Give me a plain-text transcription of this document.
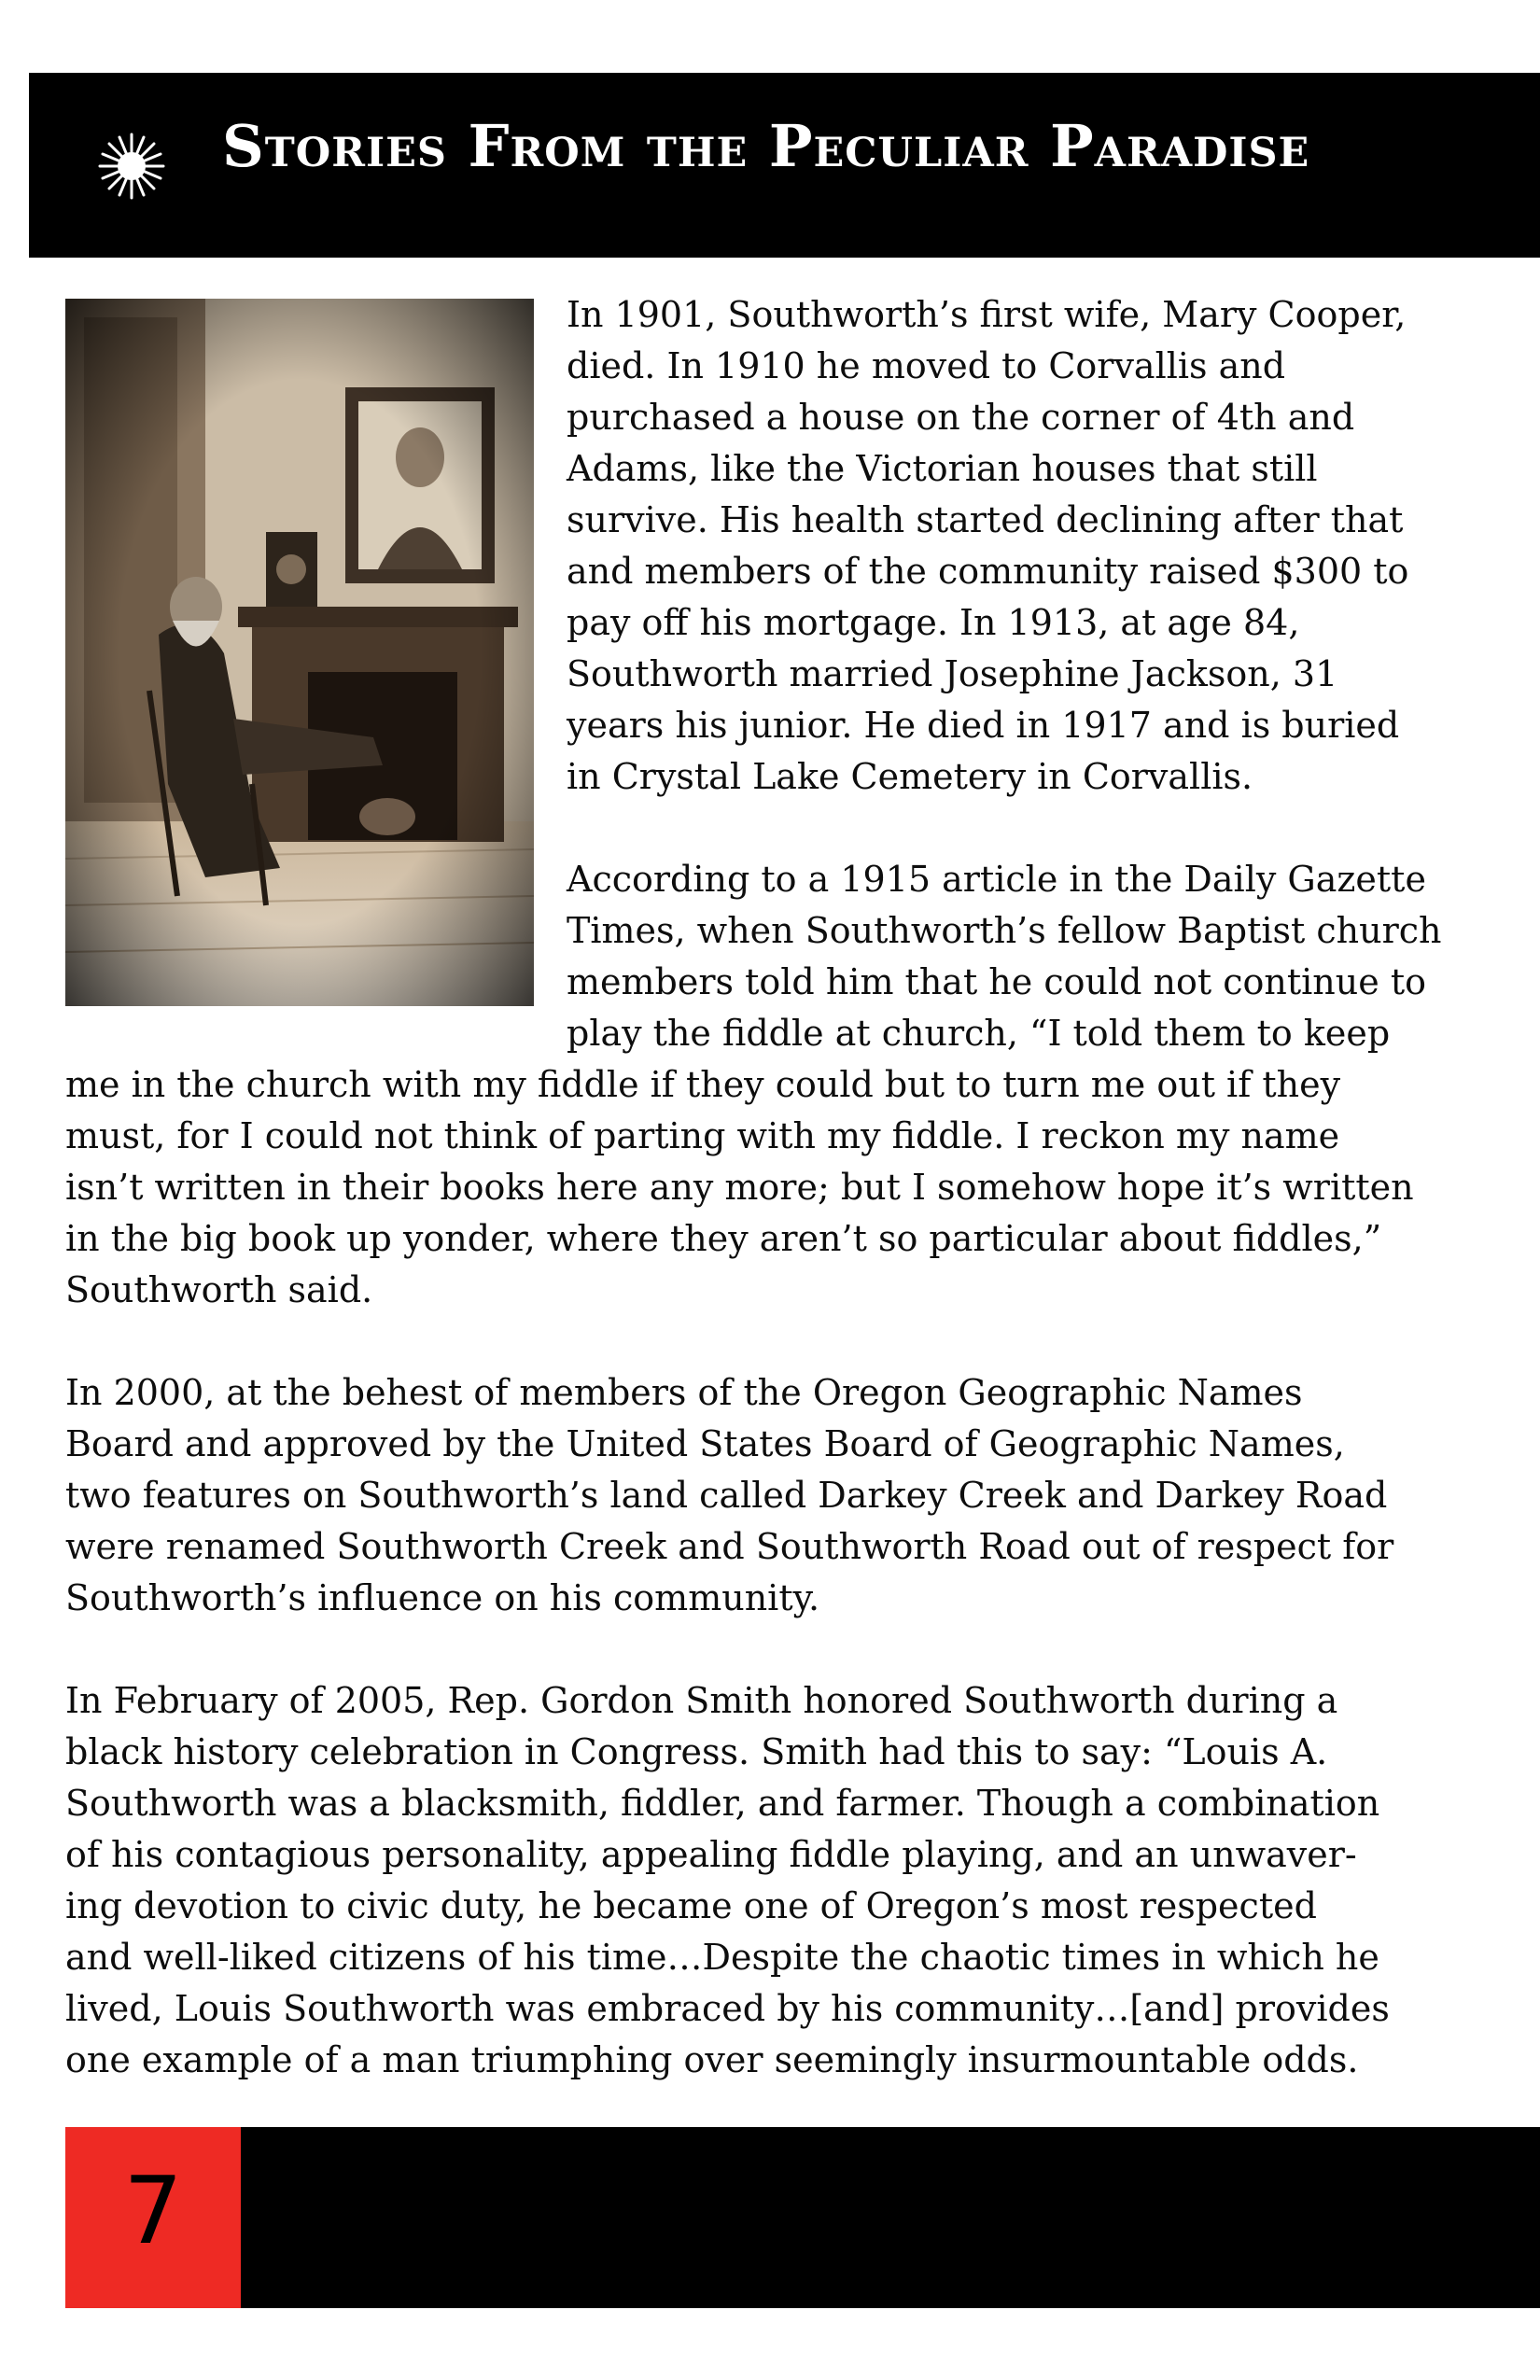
Stories From the Peculiar Paradise
In 1901, Southworth’s first wife, Mary Cooper,
died. In 1910 he moved to Corvallis and
purchased a house on the corner of 4th and
Adams, like the Victorian houses that still
survive. His health started declining after that
and members of the community raised $300 to
pay off his mortgage. In 1913, at age 84,
Southworth married Josephine Jackson, 31
years his junior. He died in 1917 and is buried
in Crystal Lake Cemetery in Corvallis.
According to a 1915 article in the Daily Gazette
Times, when Southworth’s fellow Baptist church
members told him that he could not continue to
play the fiddle at church, “I told them to keep
me in the church with my fiddle if they could but to turn me out if they
must, for I could not think of parting with my fiddle. I reckon my name
isn’t written in their books here any more; but I somehow hope it’s written
in the big book up yonder, where they aren’t so particular about fiddles,”
Southworth said.
In 2000, at the behest of members of the Oregon Geographic Names
Board and approved by the United States Board of Geographic Names,
two features on Southworth’s land called Darkey Creek and Darkey Road
were renamed Southworth Creek and Southworth Road out of respect for
Southworth’s influence on his community.
In February of 2005, Rep. Gordon Smith honored Southworth during a
black history celebration in Congress. Smith had this to say: “Louis A.
Southworth was a blacksmith, fiddler, and farmer. Though a combination
of his contagious personality, appealing fiddle playing, and an unwaver-
ing devotion to civic duty, he became one of Oregon’s most respected
and well-liked citizens of his time…Despite the chaotic times in which he
lived, Louis Southworth was embraced by his community…[and] provides
one example of a man triumphing over seemingly insurmountable odds.
7
